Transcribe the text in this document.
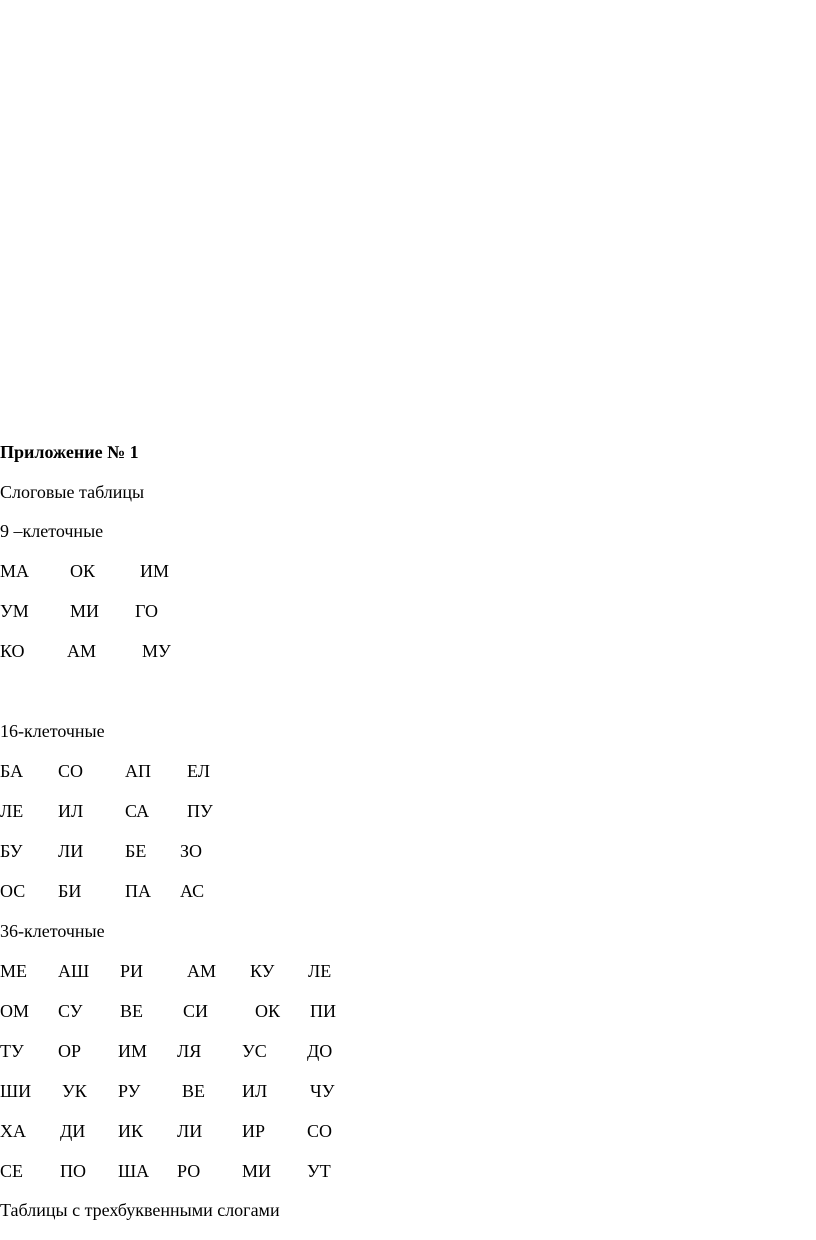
Приложение № 1
Слоговые таблицы
9 –клеточные
МА ОК ИМ
УМ МИ ГО
КО АМ	МУ
16-клеточные
БА СО АП ЕЛ
ЛЕ ИЛ СА ПУ
БУ ЛИ БЕ ЗО
ОС БИ ПА АС
36-клеточные
МЕ АШ РИ АМ КУ ЛЕ
ОМ СУ ВЕ СИ	ОК ПИ
ТУ ОР ИМ ЛЯ УС ДО
ШИ УК РУ ВЕ ИЛ ЧУ
ХА ДИ ИК ЛИ ИР СО
СЕ ПО ША РО МИ УТ
Таблицы с трехбуквенными слогами
